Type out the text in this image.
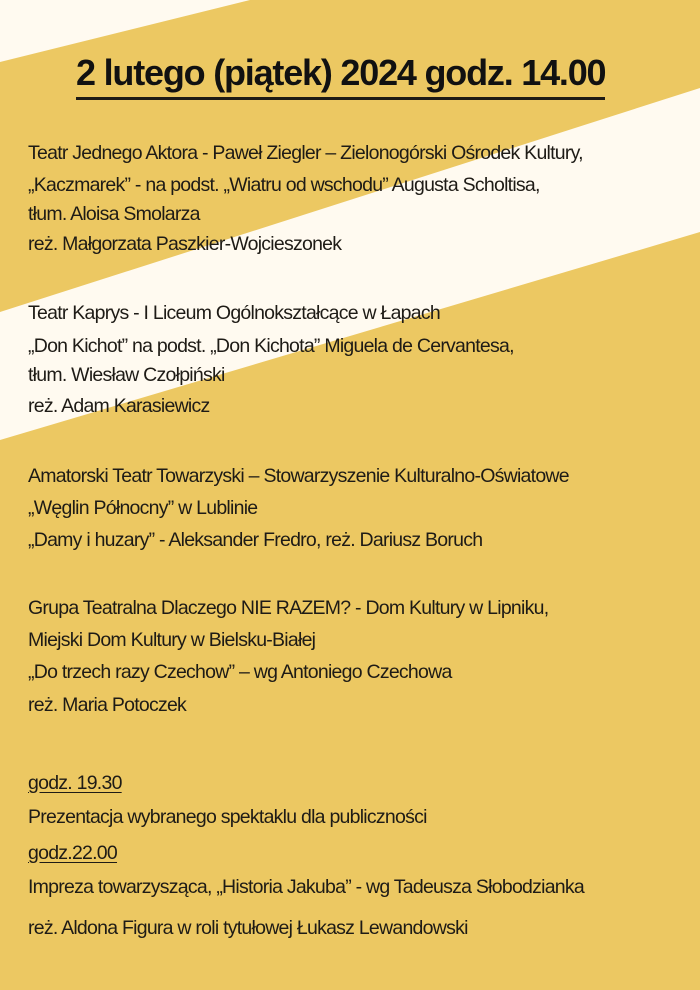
2 lutego (piątek) 2024 godz. 14.00
Teatr Jednego Aktora - Paweł Ziegler – Zielonogórski Ośrodek Kultury,
„Kaczmarek” - na podst. „Wiatru od wschodu” Augusta Scholtisa,
tłum. Aloisa Smolarza
reż. Małgorzata Paszkier-Wojcieszonek
Teatr Kaprys - I Liceum Ogólnokształcące w Łapach
„Don Kichot” na podst. „Don Kichota” Miguela de Cervantesa,
tłum. Wiesław Czołpiński
reż. Adam Karasiewicz
Amatorski Teatr Towarzyski – Stowarzyszenie Kulturalno-Oświatowe
„Węglin Północny” w Lublinie
„Damy i huzary” - Aleksander Fredro, reż. Dariusz Boruch
Grupa Teatralna Dlaczego NIE RAZEM? - Dom Kultury w Lipniku,
Miejski Dom Kultury w Bielsku-Białej
„Do trzech razy Czechow” – wg Antoniego Czechowa
reż. Maria Potoczek
godz. 19.30
Prezentacja wybranego spektaklu dla publiczności
godz.22.00
Impreza towarzysząca, „Historia Jakuba” - wg Tadeusza Słobodzianka
reż. Aldona Figura w roli tytułowej Łukasz Lewandowski
